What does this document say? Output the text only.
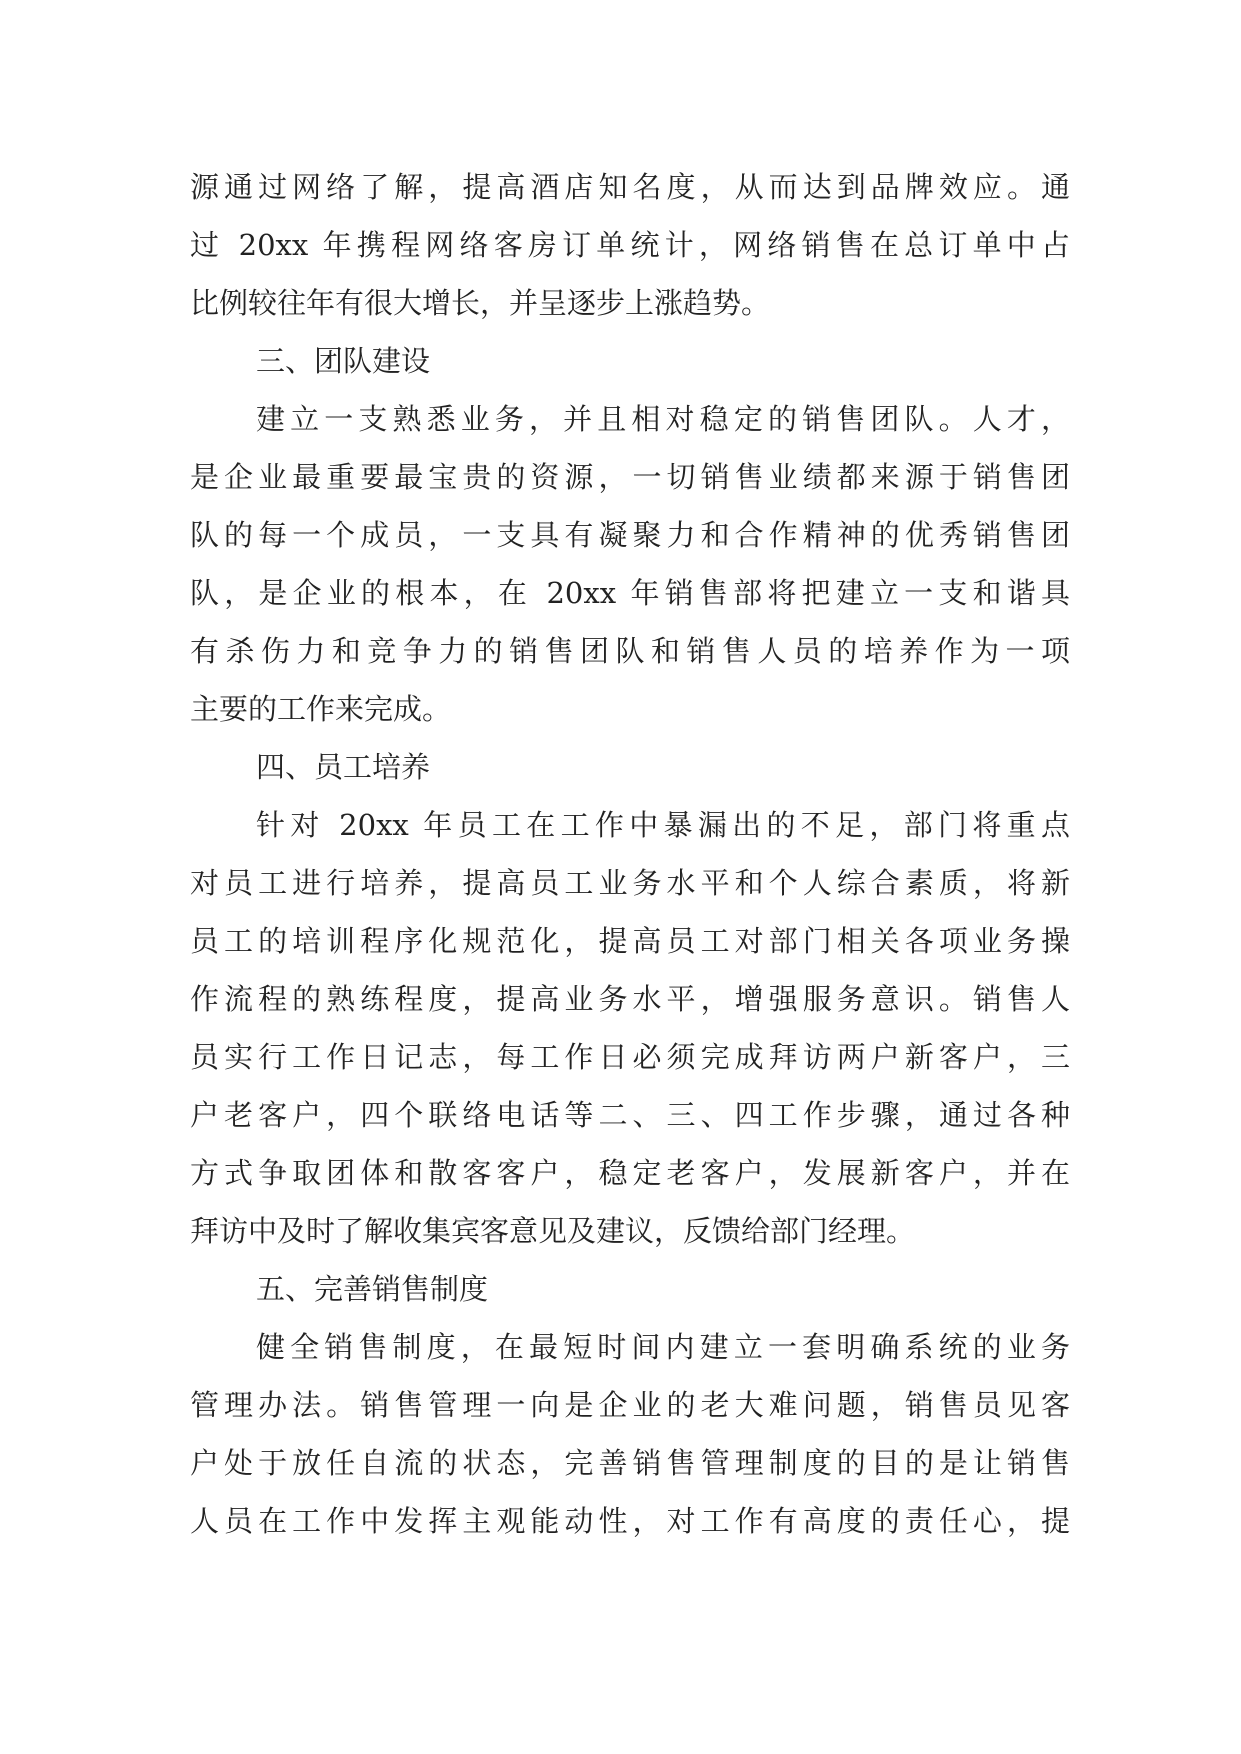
源通过网络了解，提高酒店知名度，从而达到品牌效应。通
过 20xx 年携程网络客房订单统计，网络销售在总订单中占
比例较往年有很大增长，并呈逐步上涨趋势。
三、团队建设
建立一支熟悉业务，并且相对稳定的销售团队。人才，
是企业最重要最宝贵的资源，一切销售业绩都来源于销售团
队的每一个成员，一支具有凝聚力和合作精神的优秀销售团
队，是企业的根本，在 20xx 年销售部将把建立一支和谐具
有杀伤力和竞争力的销售团队和销售人员的培养作为一项
主要的工作来完成。
四、员工培养
针对 20xx 年员工在工作中暴漏出的不足，部门将重点
对员工进行培养，提高员工业务水平和个人综合素质，将新
员工的培训程序化规范化，提高员工对部门相关各项业务操
作流程的熟练程度，提高业务水平，增强服务意识。销售人
员实行工作日记志，每工作日必须完成拜访两户新客户，三
户老客户，四个联络电话等二、三、四工作步骤，通过各种
方式争取团体和散客客户，稳定老客户，发展新客户，并在
拜访中及时了解收集宾客意见及建议，反馈给部门经理。
五、完善销售制度
健全销售制度，在最短时间内建立一套明确系统的业务
管理办法。销售管理一向是企业的老大难问题，销售员见客
户处于放任自流的状态，完善销售管理制度的目的是让销售
人员在工作中发挥主观能动性，对工作有高度的责任心，提
